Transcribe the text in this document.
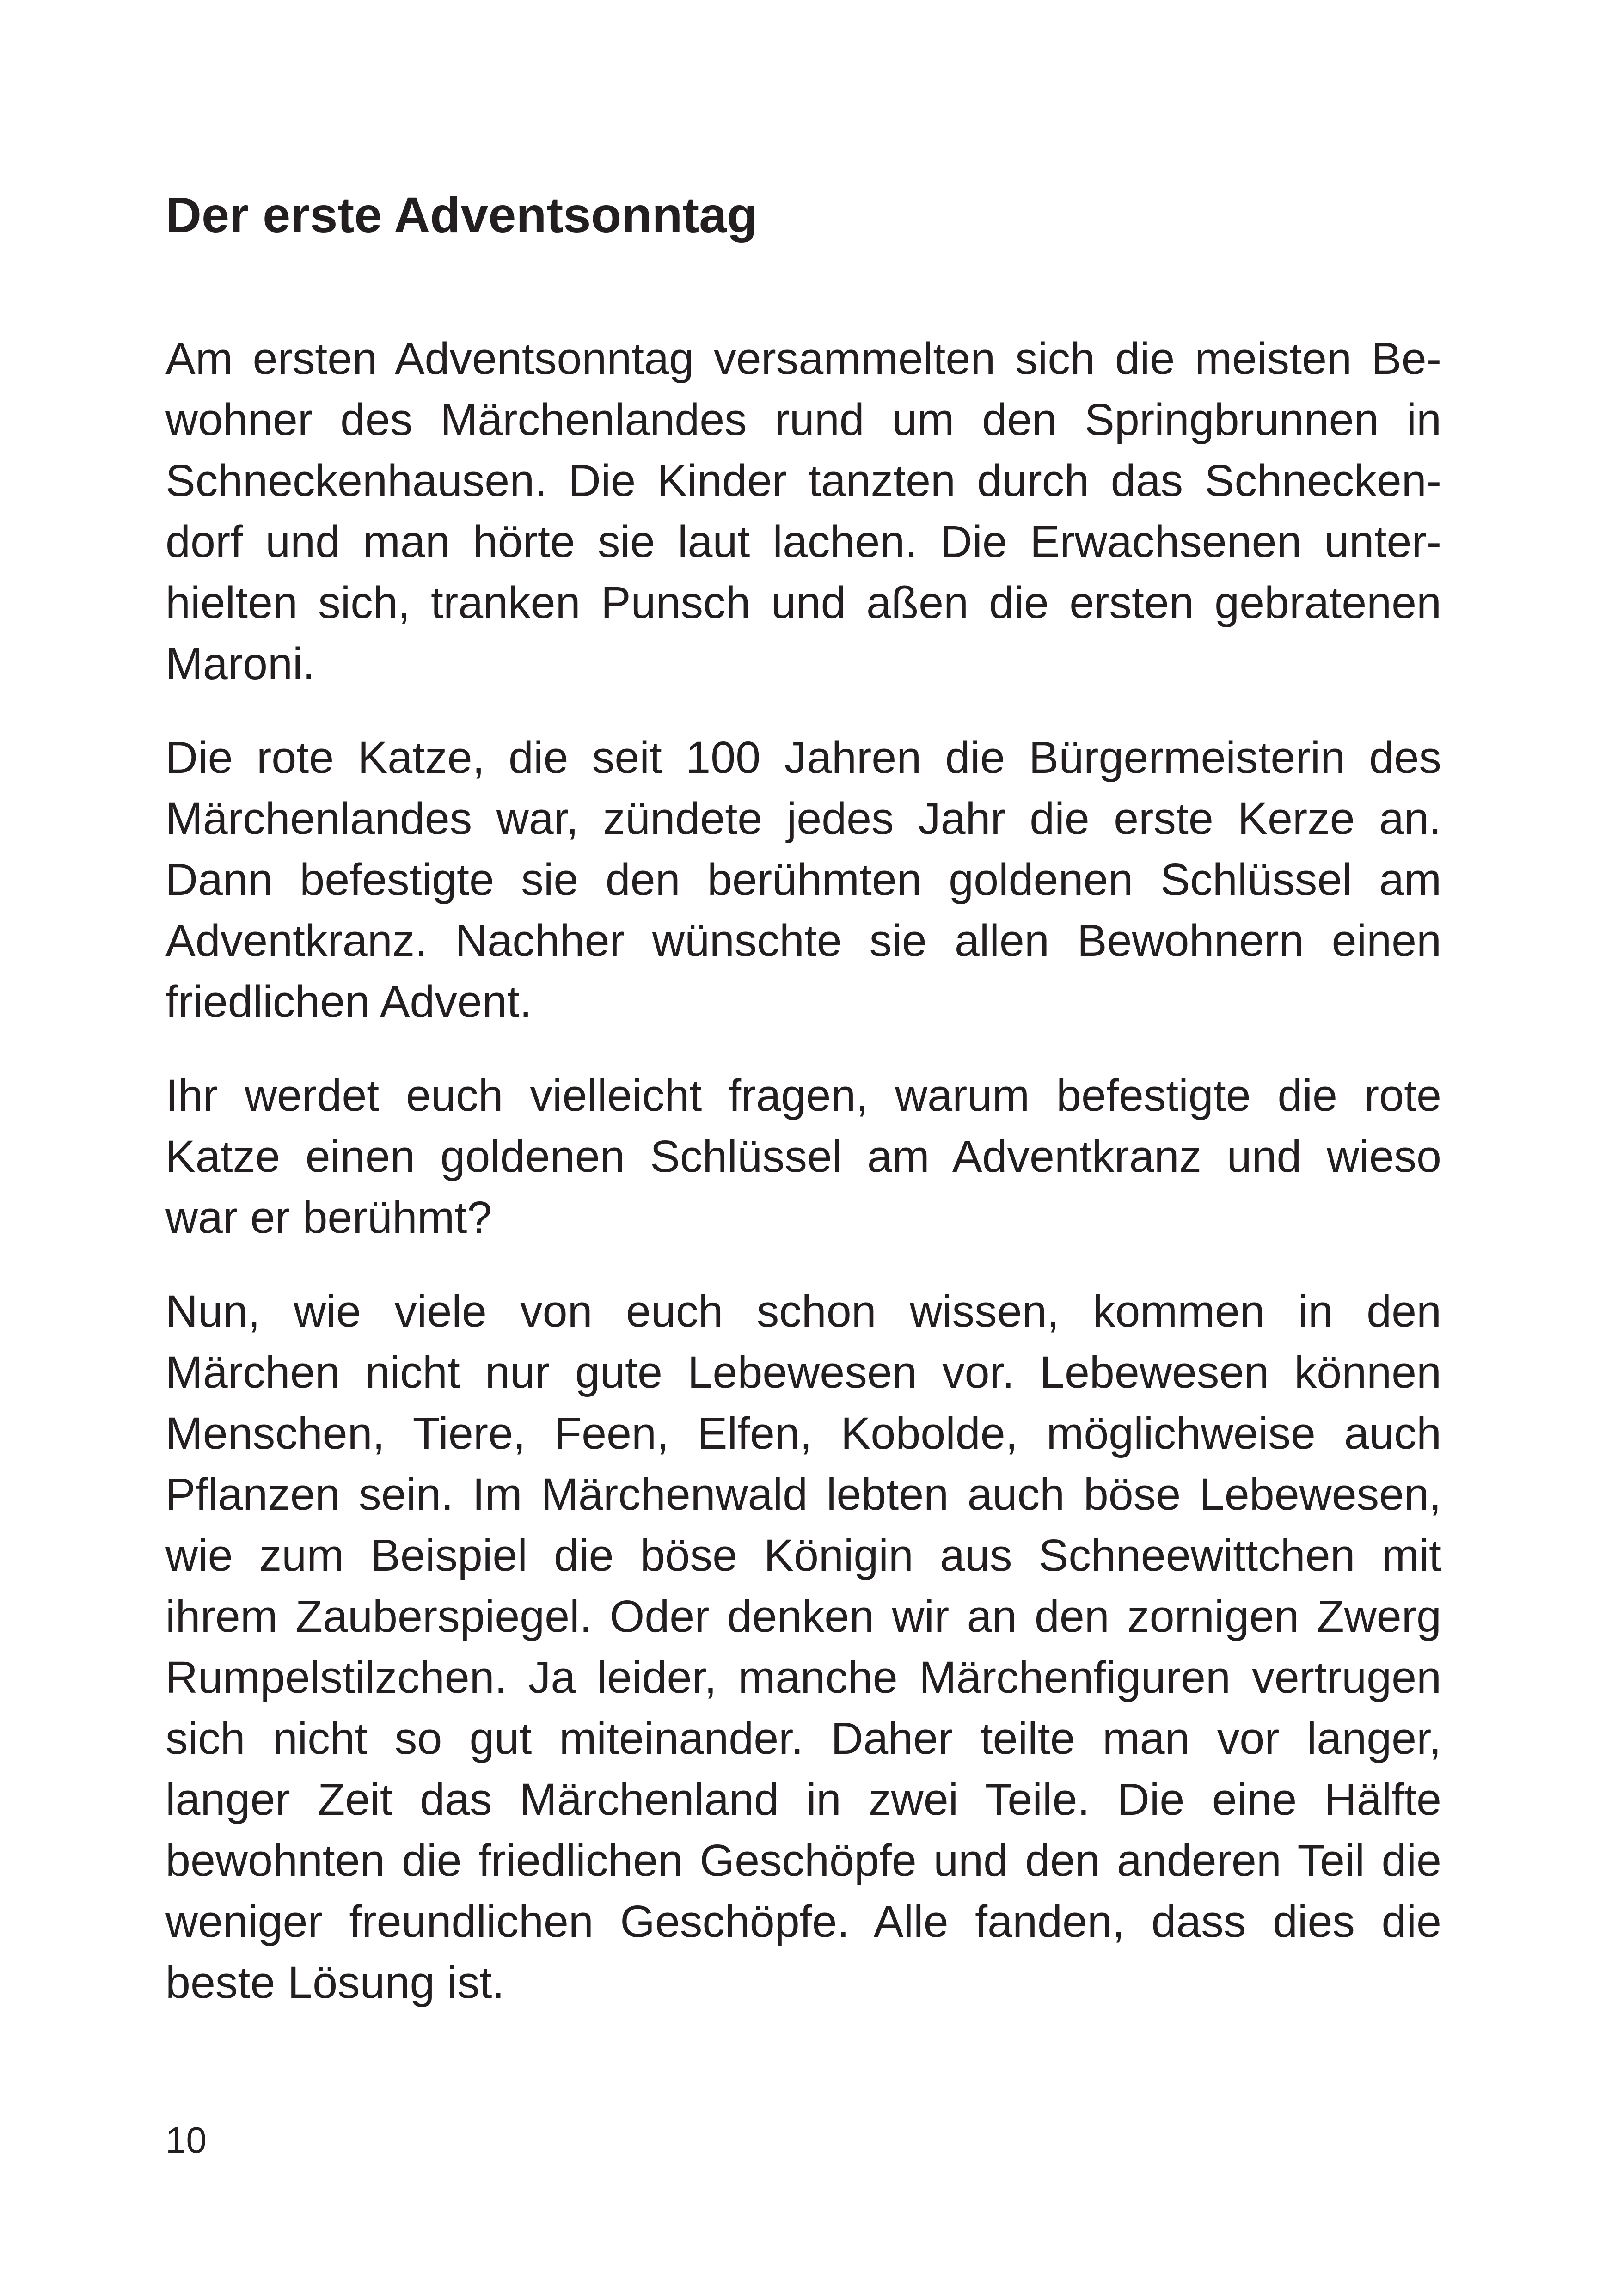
Der erste Adventsonntag

Am ersten Adventsonntag versammelten sich die meisten Be-
wohner des Märchenlandes rund um den Springbrunnen in
Schneckenhausen. Die Kinder tanzten durch das Schnecken-
dorf und man hörte sie laut lachen. Die Erwachsenen unter-
hielten sich, tranken Punsch und aßen die ersten gebratenen
Maroni.

Die rote Katze, die seit 100 Jahren die Bürgermeisterin des
Märchenlandes war, zündete jedes Jahr die erste Kerze an.
Dann befestigte sie den berühmten goldenen Schlüssel am
Adventkranz. Nachher wünschte sie allen Bewohnern einen
friedlichen Advent.

Ihr werdet euch vielleicht fragen, warum befestigte die rote
Katze einen goldenen Schlüssel am Adventkranz und wieso
war er berühmt?

Nun, wie viele von euch schon wissen, kommen in den
Märchen nicht nur gute Lebewesen vor. Lebewesen können
Menschen, Tiere, Feen, Elfen, Kobolde, möglichweise auch
Pflanzen sein. Im Märchenwald lebten auch böse Lebewesen,
wie zum Beispiel die böse Königin aus Schneewittchen mit
ihrem Zauberspiegel. Oder denken wir an den zornigen Zwerg
Rumpelstilzchen. Ja leider, manche Märchenfiguren vertrugen
sich nicht so gut miteinander. Daher teilte man vor langer,
langer Zeit das Märchenland in zwei Teile. Die eine Hälfte
bewohnten die friedlichen Geschöpfe und den anderen Teil die
weniger freundlichen Geschöpfe. Alle fanden, dass dies die
beste Lösung ist.

10
